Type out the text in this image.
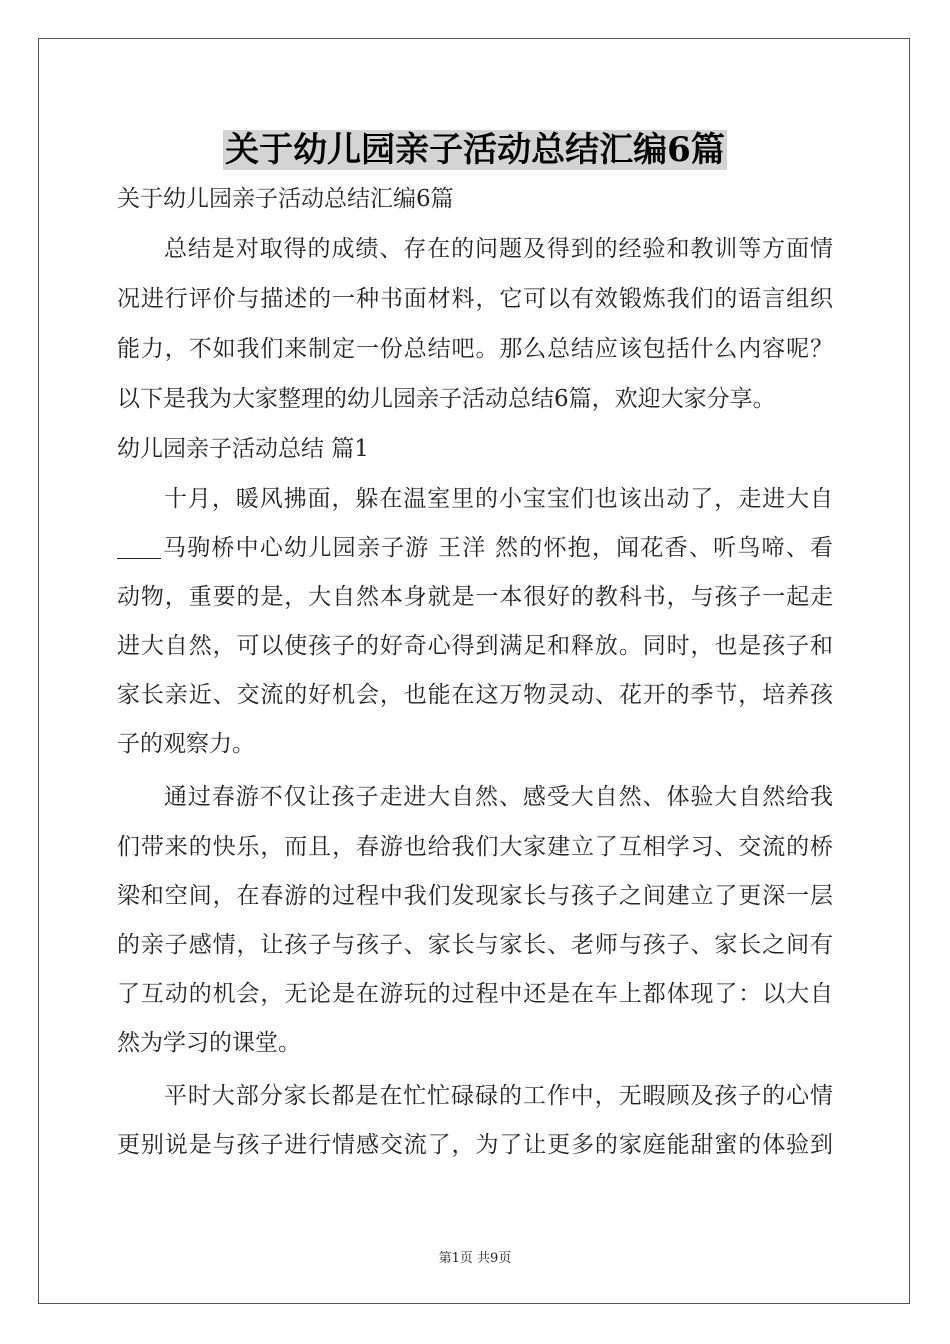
关于幼儿园亲子活动总结汇编6篇
关于幼儿园亲子活动总结汇编6篇
总结是对取得的成绩、存在的问题及得到的经验和教训等方面情
况进行评价与描述的一种书面材料，它可以有效锻炼我们的语言组织
能力，不如我们来制定一份总结吧。那么总结应该包括什么内容呢？
以下是我为大家整理的幼儿园亲子活动总结6篇，欢迎大家分享。
幼儿园亲子活动总结 篇1
十月，暖风拂面，躲在温室里的小宝宝们也该出动了，走进大自
马驹桥中心幼儿园亲子游 王洋 然的怀抱，闻花香、听鸟啼、看
动物，重要的是，大自然本身就是一本很好的教科书，与孩子一起走
进大自然，可以使孩子的好奇心得到满足和释放。同时，也是孩子和
家长亲近、交流的好机会，也能在这万物灵动、花开的季节，培养孩
子的观察力。
通过春游不仅让孩子走进大自然、感受大自然、体验大自然给我
们带来的快乐，而且，春游也给我们大家建立了互相学习、交流的桥
梁和空间，在春游的过程中我们发现家长与孩子之间建立了更深一层
的亲子感情，让孩子与孩子、家长与家长、老师与孩子、家长之间有
了互动的机会，无论是在游玩的过程中还是在车上都体现了：以大自
然为学习的课堂。
平时大部分家长都是在忙忙碌碌的工作中，无暇顾及孩子的心情
更别说是与孩子进行情感交流了，为了让更多的家庭能甜蜜的体验到
第1页 共9页
